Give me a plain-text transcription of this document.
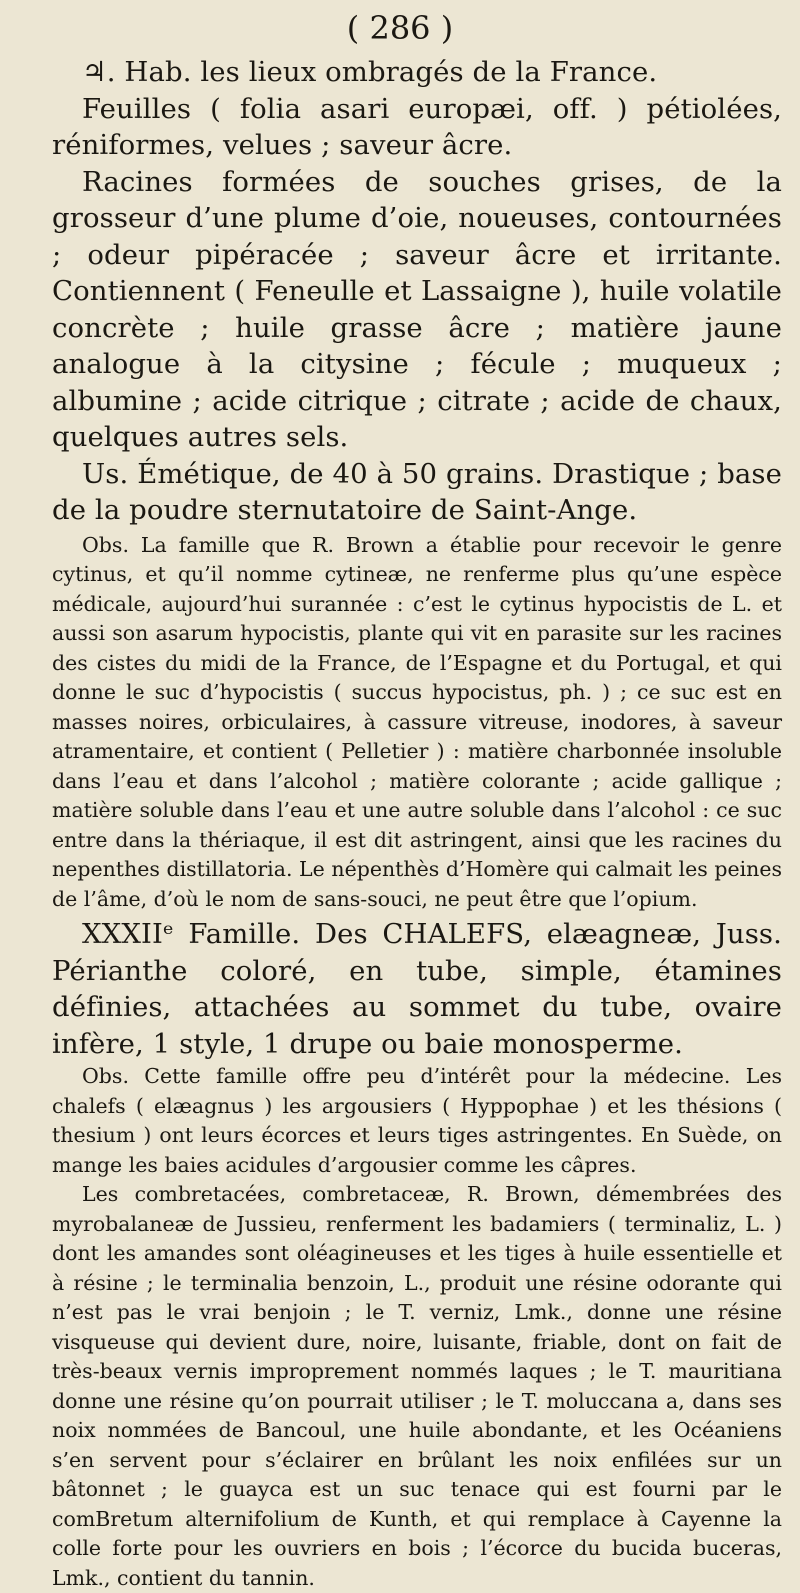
( 286 )

♃. Hab. les lieux ombragés de la France.

Feuilles ( folia asari europæi, off. ) pétiolées, réniformes, velues ; saveur âcre.

Racines formées de souches grises, de la grosseur d’une plume d’oie, noueuses, contournées ; odeur pipéracée ; saveur âcre et irritante. Contiennent ( Feneulle et Lassaigne ), huile volatile concrète ; huile grasse âcre ; matière jaune analogue à la citysine ; fécule ; muqueux ; albumine ; acide citrique ; citrate ; acide de chaux, quelques autres sels.

Us. Émétique, de 40 à 50 grains. Drastique ; base de la poudre sternutatoire de Saint-Ange.

Obs. La famille que R. Brown a établie pour recevoir le genre cytinus, et qu’il nomme cytineæ, ne renferme plus qu’une espèce médicale, aujourd’hui surannée : c’est le cytinus hypocistis de L. et aussi son asarum hypocistis, plante qui vit en parasite sur les racines des cistes du midi de la France, de l’Espagne et du Portugal, et qui donne le suc d’hypocistis ( succus hypocistus, ph. ) ; ce suc est en masses noires, orbiculaires, à cassure vitreuse, inodores, à saveur atramentaire, et contient ( Pelletier ) : matière charbonnée insoluble dans l’eau et dans l’alcohol ; matière colorante ; acide gallique ; matière soluble dans l’eau et une autre soluble dans l’alcohol : ce suc entre dans la thériaque, il est dit astringent, ainsi que les racines du nepenthes distillatoria. Le népenthès d’Homère qui calmait les peines de l’âme, d’où le nom de sans-souci, ne peut être que l’opium.

XXXIIᵉ Famille. Des CHALEFS, elæagneæ, Juss. Périanthe coloré, en tube, simple, étamines définies, attachées au sommet du tube, ovaire infère, 1 style, 1 drupe ou baie monosperme.

Obs. Cette famille offre peu d’intérêt pour la médecine. Les chalefs ( elæagnus ) les argousiers ( Hyppophae ) et les thésions ( thesium ) ont leurs écorces et leurs tiges astringentes. En Suède, on mange les baies acidules d’argousier comme les câpres.

Les combretacées, combretaceæ, R. Brown, démembrées des myrobalaneæ de Jussieu, renferment les badamiers ( terminaliz, L. ) dont les amandes sont oléagineuses et les tiges à huile essentielle et à résine ; le terminalia benzoin, L., produit une résine odorante qui n’est pas le vrai benjoin ; le T. verniz, Lmk., donne une résine visqueuse qui devient dure, noire, luisante, friable, dont on fait de très-beaux vernis improprement nommés laques ; le T. mauritiana donne une résine qu’on pourrait utiliser ; le T. moluccana a, dans ses noix nommées de Bancoul, une huile abondante, et les Océaniens s’en servent pour s’éclairer en brûlant les noix enfilées sur un bâtonnet ; le guayca est un suc tenace qui est fourni par le comBretum alternifolium de Kunth, et qui remplace à Cayenne la colle forte pour les ouvriers en bois ; l’écorce du bucida buceras, Lmk., contient du tannin.
